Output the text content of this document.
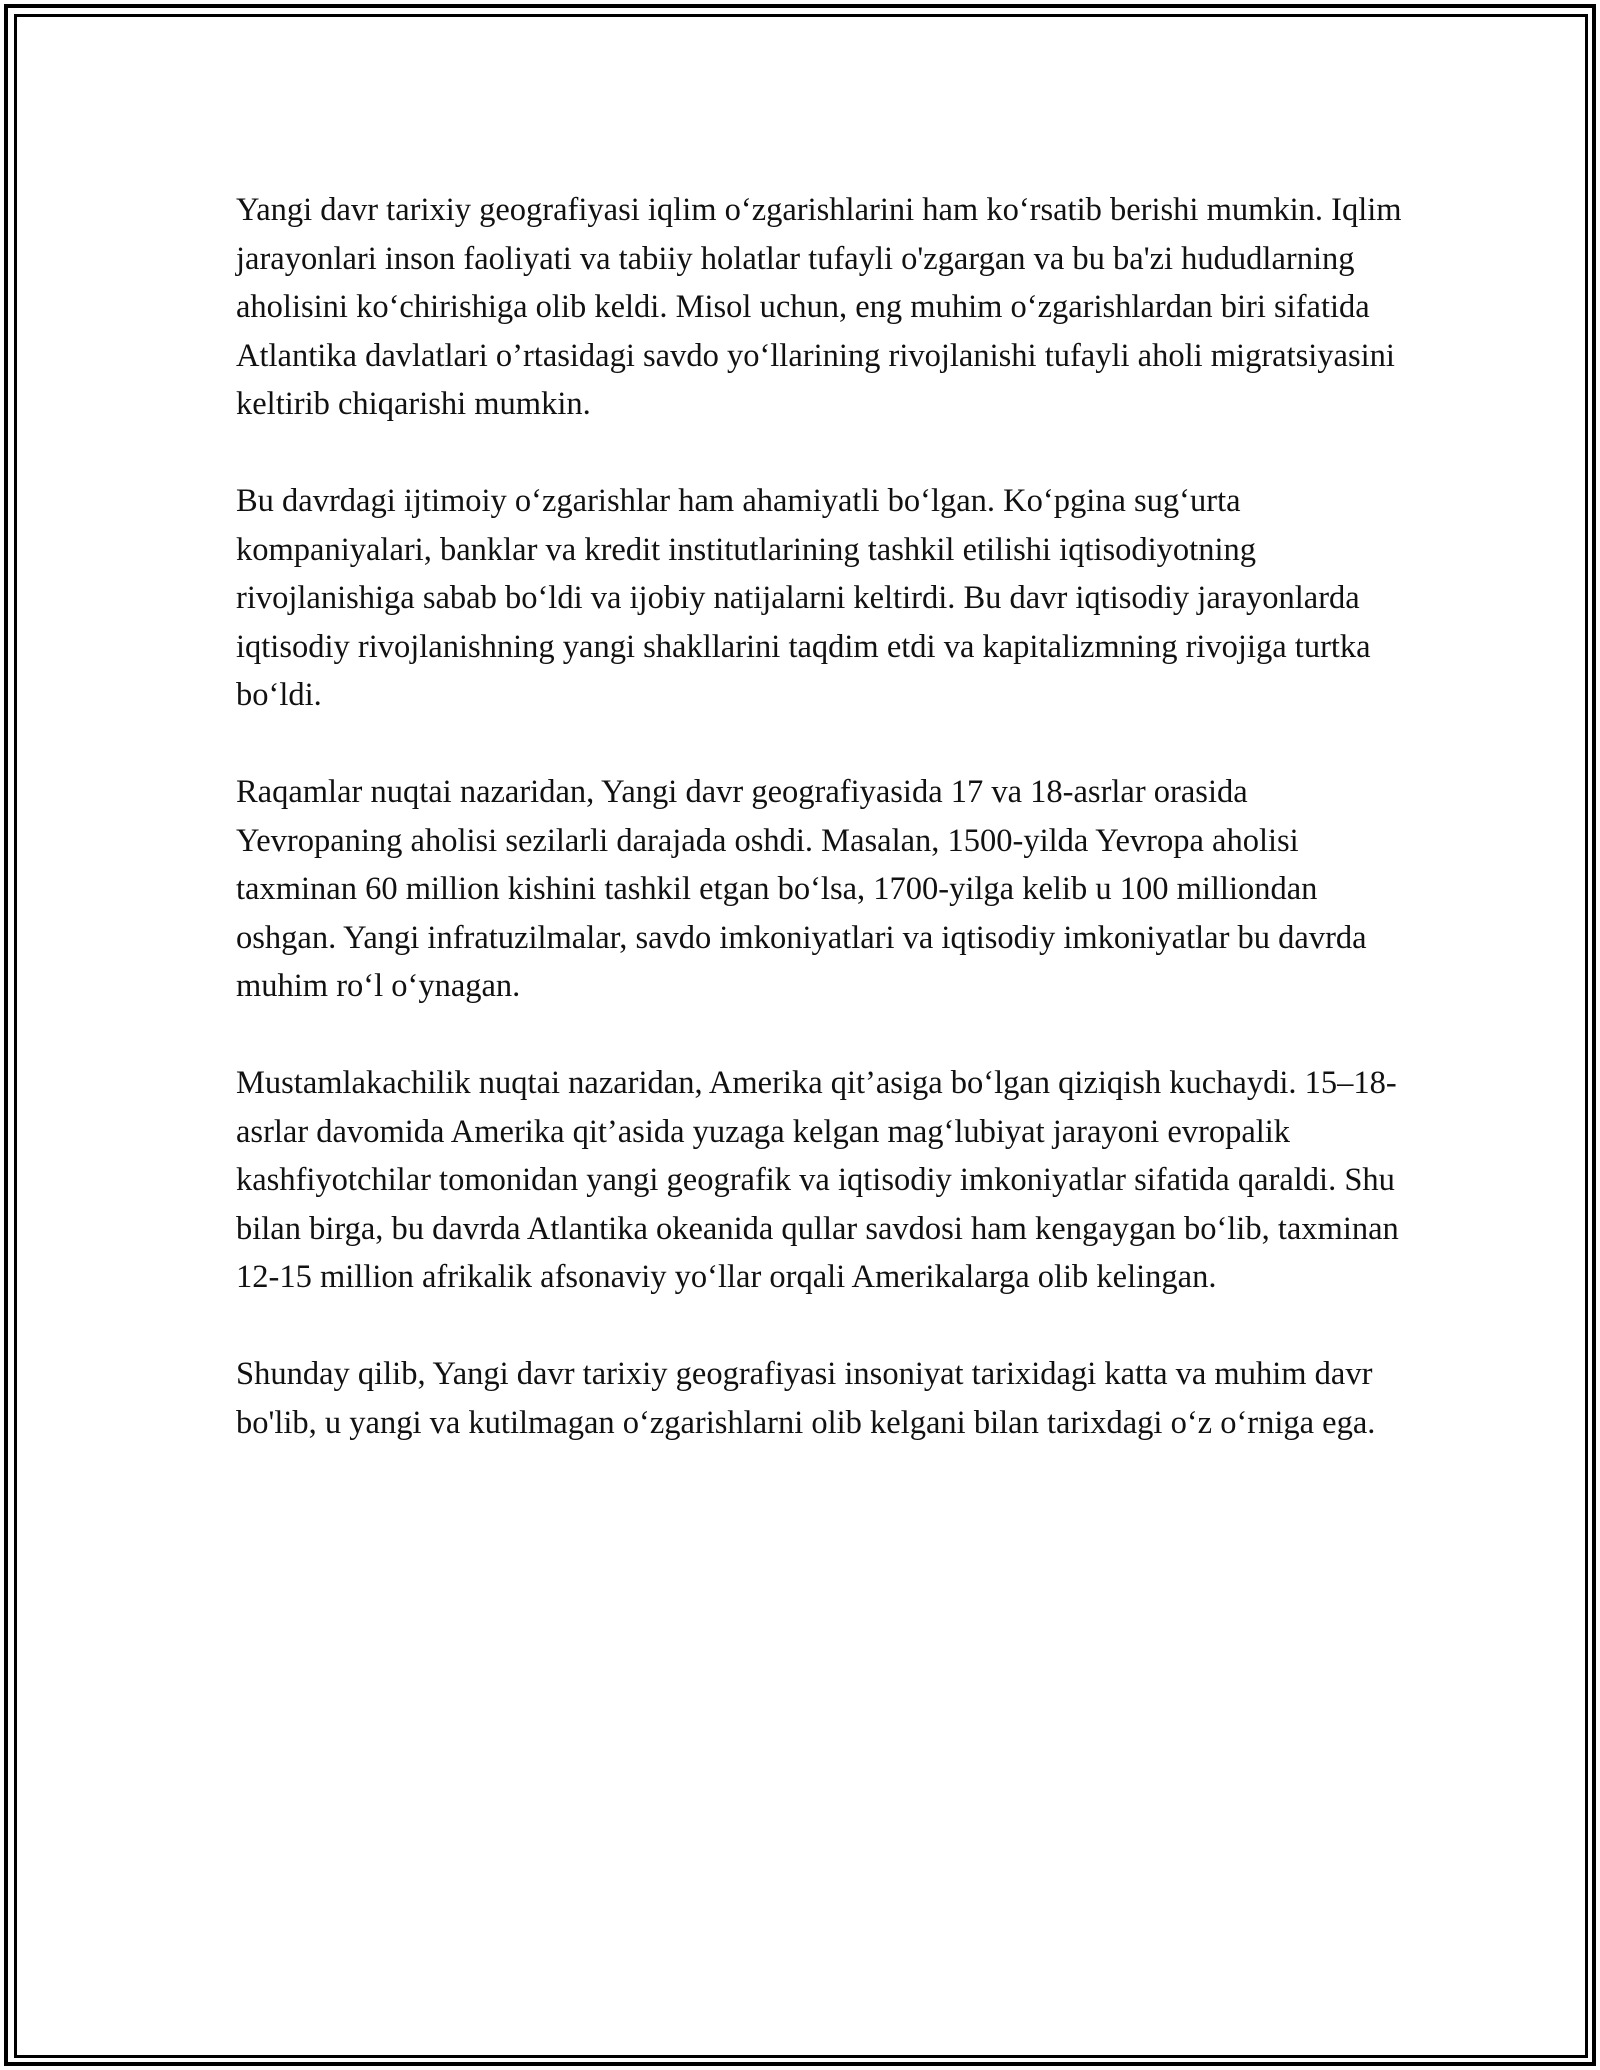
Yangi davr tarixiy geografiyasi iqlim o‘zgarishlarini ham ko‘rsatib berishi mumkin. Iqlim jarayonlari inson faoliyati va tabiiy holatlar tufayli o'zgargan va bu ba'zi hududlarning aholisini ko‘chirishiga olib keldi. Misol uchun, eng muhim o‘zgarishlardan biri sifatida Atlantika davlatlari o’rtasidagi savdo yo‘llarining rivojlanishi tufayli aholi migratsiyasini keltirib chiqarishi mumkin.

Bu davrdagi ijtimoiy o‘zgarishlar ham ahamiyatli bo‘lgan. Ko‘pgina sug‘urta kompaniyalari, banklar va kredit institutlarining tashkil etilishi iqtisodiyotning rivojlanishiga sabab bo‘ldi va ijobiy natijalarni keltirdi. Bu davr iqtisodiy jarayonlarda iqtisodiy rivojlanishning yangi shakllarini taqdim etdi va kapitalizmning rivojiga turtka bo‘ldi.

Raqamlar nuqtai nazaridan, Yangi davr geografiyasida 17 va 18-asrlar orasida Yevropaning aholisi sezilarli darajada oshdi. Masalan, 1500-yilda Yevropa aholisi taxminan 60 million kishini tashkil etgan bo‘lsa, 1700-yilga kelib u 100 milliondan oshgan. Yangi infratuzilmalar, savdo imkoniyatlari va iqtisodiy imkoniyatlar bu davrda muhim ro‘l o‘ynagan.

Mustamlakachilik nuqtai nazaridan, Amerika qit’asiga bo‘lgan qiziqish kuchaydi. 15–18-asrlar davomida Amerika qit’asida yuzaga kelgan mag‘lubiyat jarayoni evropalik kashfiyotchilar tomonidan yangi geografik va iqtisodiy imkoniyatlar sifatida qaraldi. Shu bilan birga, bu davrda Atlantika okeanida qullar savdosi ham kengaygan bo‘lib, taxminan 12-15 million afrikalik afsonaviy yo‘llar orqali Amerikalarga olib kelingan.

Shunday qilib, Yangi davr tarixiy geografiyasi insoniyat tarixidagi katta va muhim davr bo'lib, u yangi va kutilmagan o‘zgarishlarni olib kelgani bilan tarixdagi o‘z o‘rniga ega.
